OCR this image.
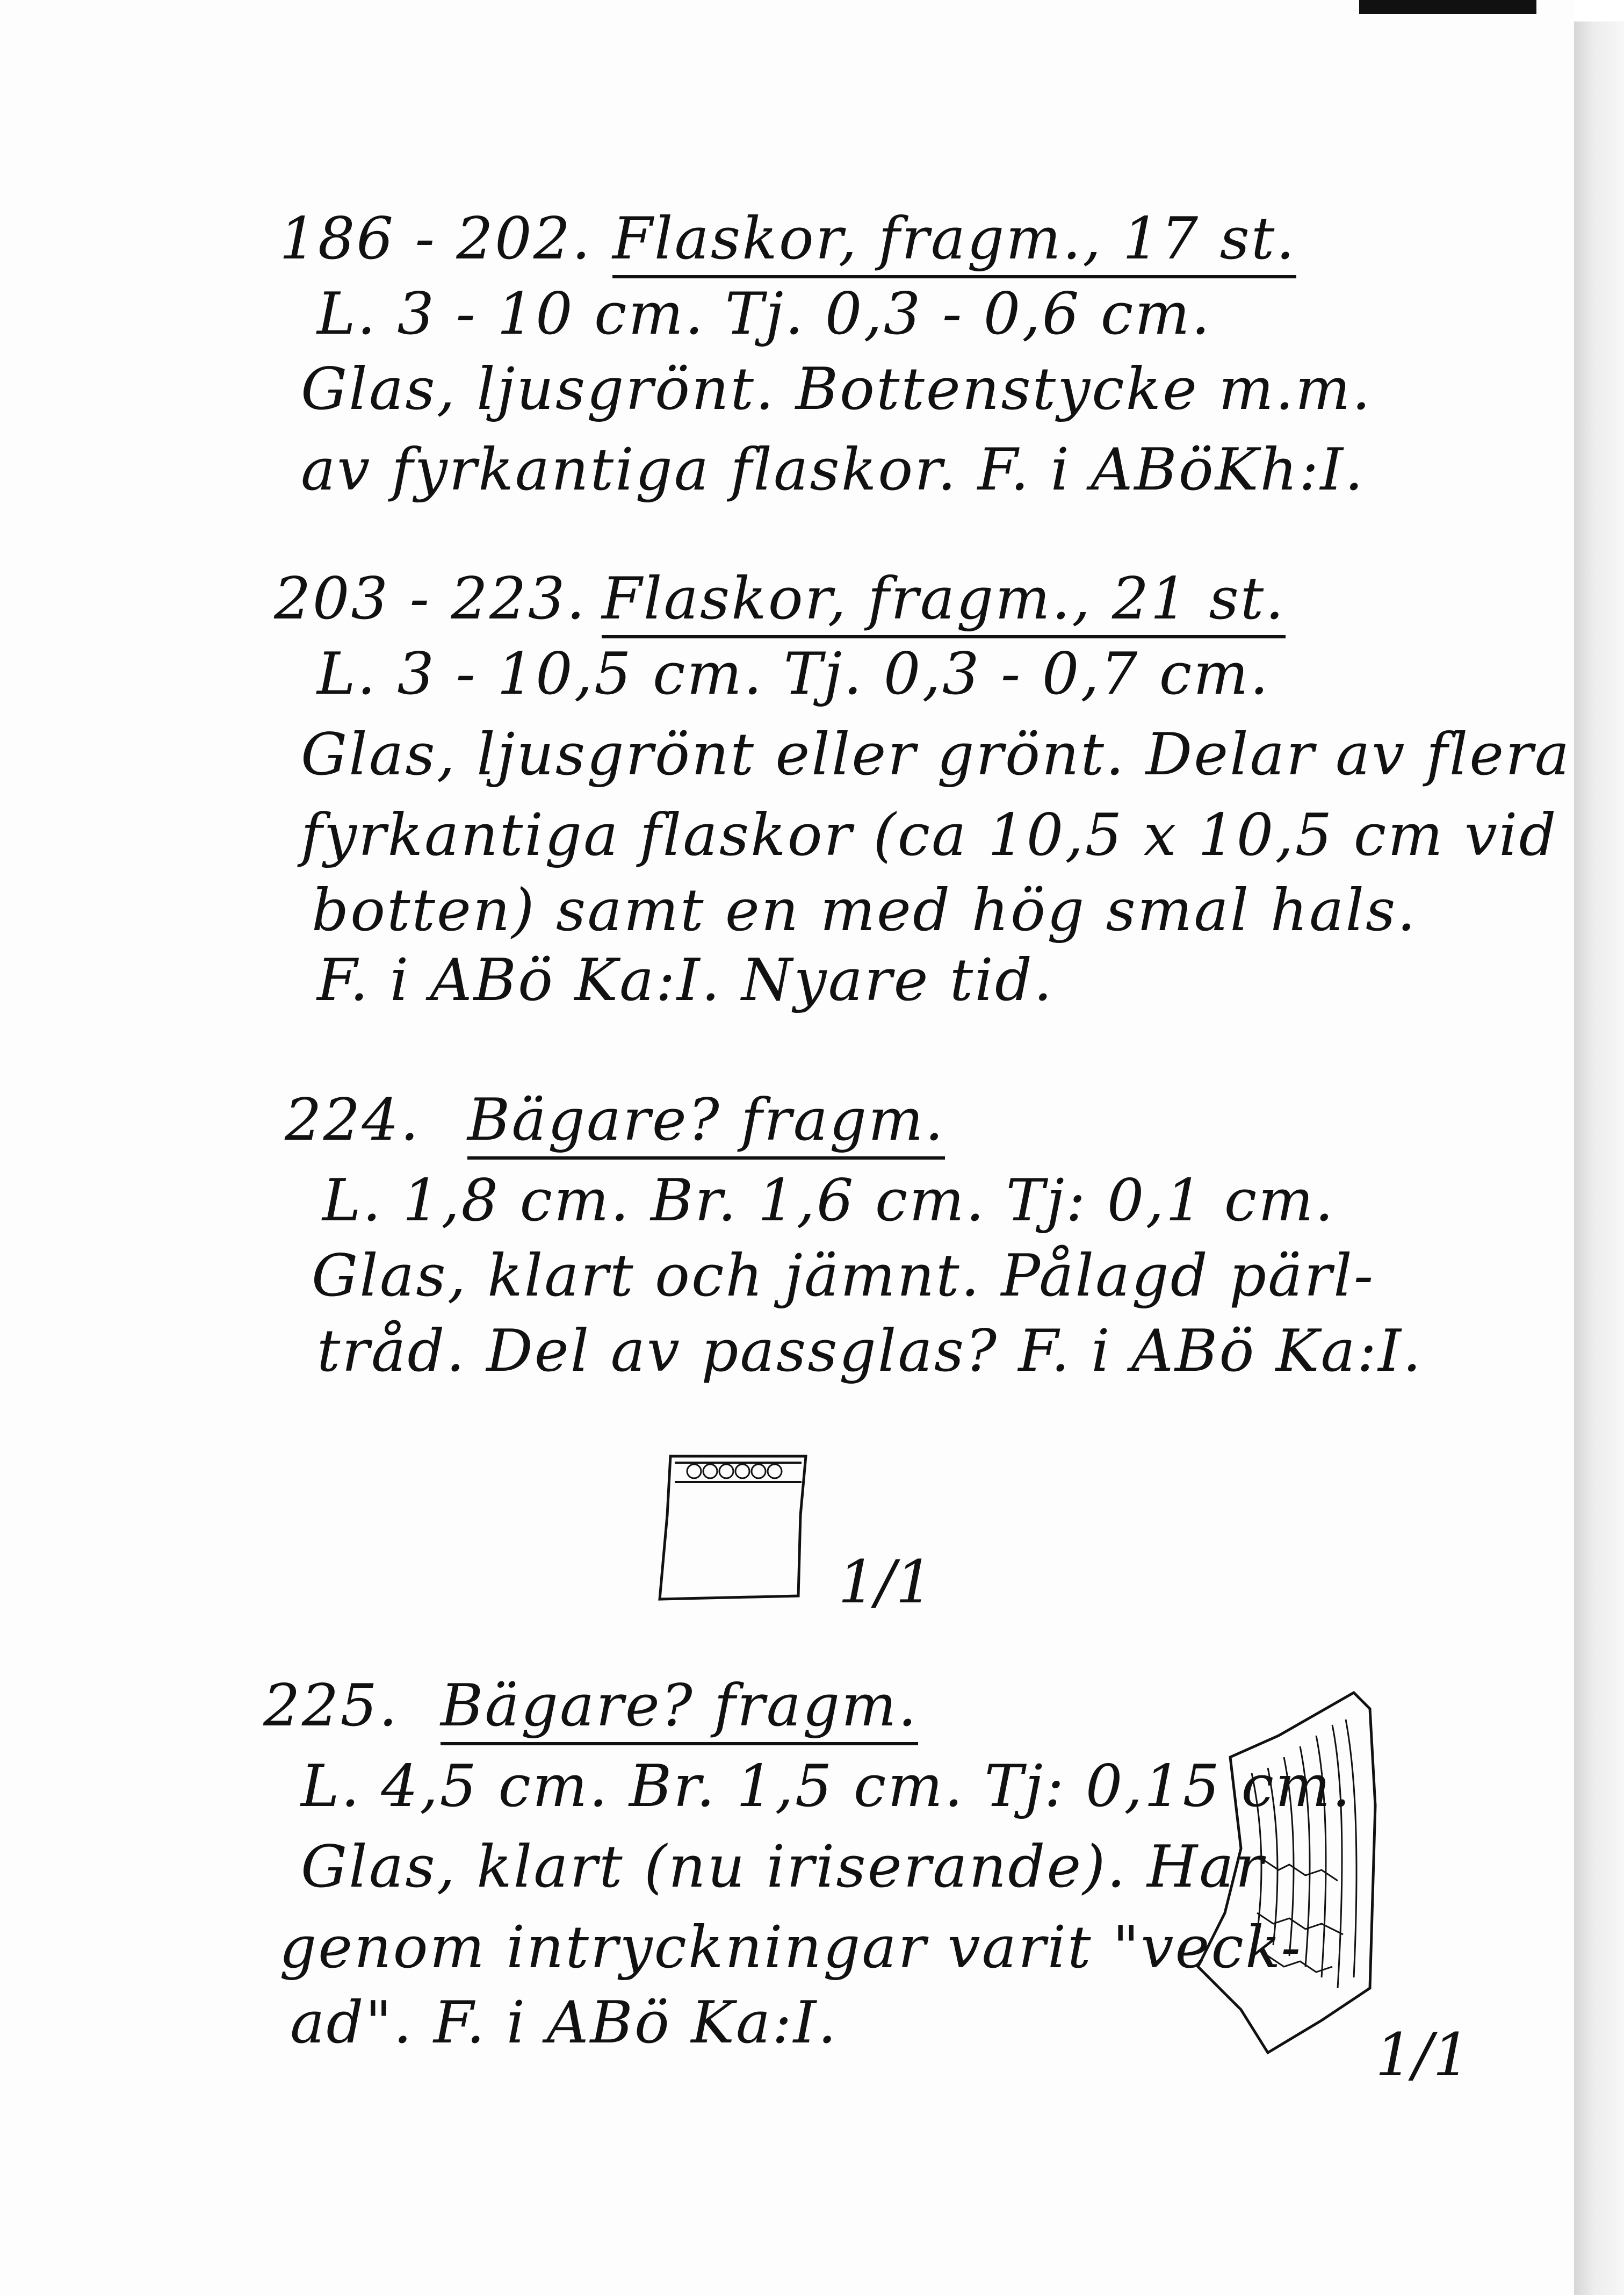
186 - 202. Flaskor, fragm., 17 st.

L. 3 - 10 cm. Tj. 0,3 - 0,6 cm.

Glas, ljusgrönt. Bottenstycke m.m.

av fyrkantiga flaskor. F. i ABöKh:I.

203 - 223. Flaskor, fragm., 21 st.

L. 3 - 10,5 cm. Tj. 0,3 - 0,7 cm.

Glas, ljusgrönt eller grönt. Delar av flera

fyrkantiga flaskor (ca 10,5 x 10,5 cm vid

botten) samt en med hög smal hals.

F. i ABö Ka:I. Nyare tid.

224. Bägare? fragm.

L. 1,8 cm. Br. 1,6 cm. Tj: 0,1 cm.

Glas, klart och jämnt. Pålagd pärl-

tråd. Del av passglas? F. i ABö Ka:I.

1/1

225. Bägare? fragm.

L. 4,5 cm. Br. 1,5 cm. Tj: 0,15 cm.

Glas, klart (nu iriserande). Har

genom intryckningar varit "veck-

ad". F. i ABö Ka:I.	1/1
